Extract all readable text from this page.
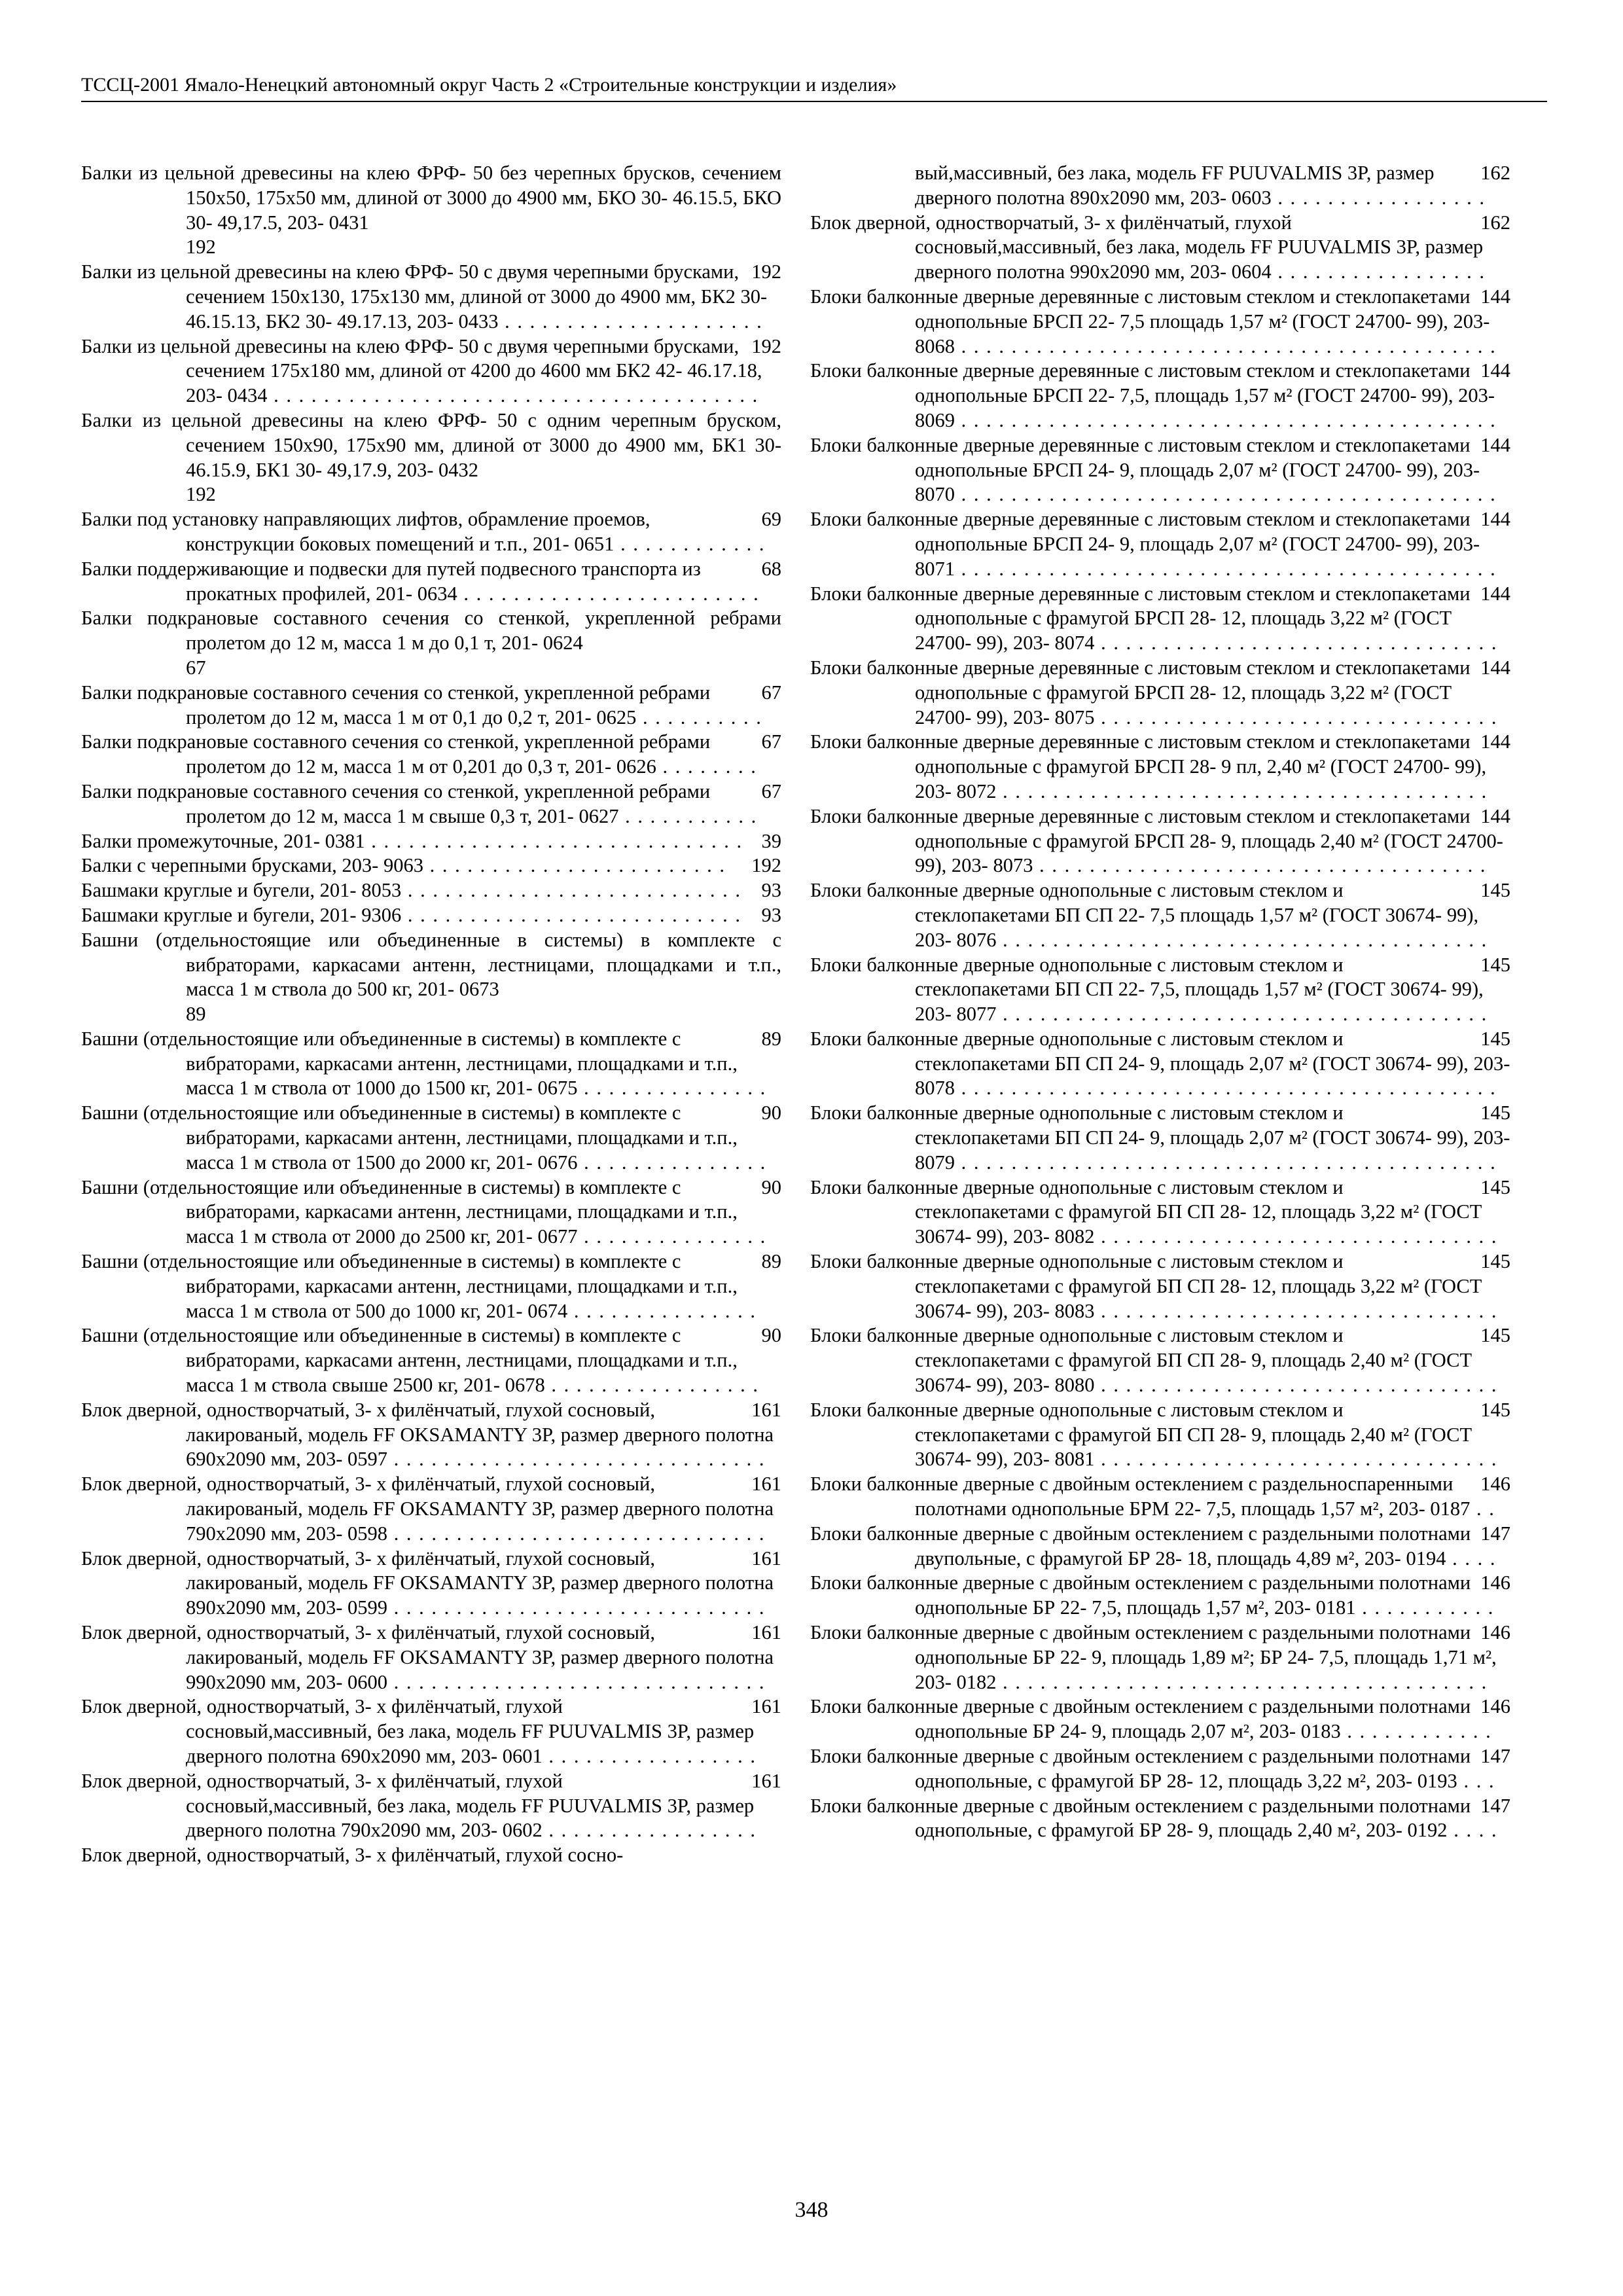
ТССЦ-2001 Ямало-Ненецкий автономный округ Часть 2 «Строительные конструкции и изделия»
Балки из цельной древесины на клею ФРФ- 50 без черепных брусков, сечением 150х50, 175х50 мм, длиной от 3000 до 4900 мм, БКО 30- 46.15.5, БКО 30- 49,17.5, 203- 0431
192
192
Балки из цельной древесины на клею ФРФ- 50 с двумя черепными брусками, сечением 150х130, 175х130 мм, длиной от 3000 до 4900 мм, БК2 30- 46.15.13, БК2 30- 49.17.13, 203- 0433 . . . . . . . . . . . . . . . . . . . . .
192
Балки из цельной древесины на клею ФРФ- 50 с двумя черепными брусками, сечением 175х180 мм, длиной от 4200 до 4600 мм БК2 42- 46.17.18, 203- 0434 . . . . . . . . . . . . . . . . . . . . . . . . . . . . . . . . . . . . . . .
Балки из цельной древесины на клею ФРФ- 50 с одним черепным бруском, сечением 150х90, 175х90 мм, длиной от 3000 до 4900 мм, БК1 30- 46.15.9, БК1 30- 49,17.9, 203- 0432
192
69
Балки под установку направляющих лифтов, обрамление проемов, конструкции боковых помещений и т.п., 201- 0651 . . . . . . . . . . . .
68
Балки поддерживающие и подвески для путей подвесного транспорта из прокатных профилей, 201- 0634 . . . . . . . . . . . . . . . . . . . . . . . .
Балки подкрановые составного сечения со стенкой, укрепленной ребрами пролетом до 12 м, масса 1 м до 0,1 т, 201- 0624
67
67
Балки подкрановые составного сечения со стенкой, укрепленной ребрами пролетом до 12 м, масса 1 м от 0,1 до 0,2 т, 201- 0625 . . . . . . . . . .
67
Балки подкрановые составного сечения со стенкой, укрепленной ребрами пролетом до 12 м, масса 1 м от 0,201 до 0,3 т, 201- 0626 . . . . . . . .
67
Балки подкрановые составного сечения со стенкой, укрепленной ребрами пролетом до 12 м, масса 1 м свыше 0,3 т, 201- 0627 . . . . . . . . . . .
39
Балки промежуточные, 201- 0381 . . . . . . . . . . . . . . . . . . . . . . . . . . . . . .
192
Балки с черепными брусками, 203- 9063 . . . . . . . . . . . . . . . . . . . . . . . .
93
Башмаки круглые и бугели, 201- 8053 . . . . . . . . . . . . . . . . . . . . . . . . . . .
93
Башмаки круглые и бугели, 201- 9306 . . . . . . . . . . . . . . . . . . . . . . . . . . .
Башни (отдельностоящие или объединенные в системы) в комплекте с вибраторами, каркасами антенн, лестницами, площадками и т.п., масса 1 м ствола до 500 кг, 201- 0673
89
89
Башни (отдельностоящие или объединенные в системы) в комплекте с вибраторами, каркасами антенн, лестницами, площадками и т.п., масса 1 м ствола от 1000 до 1500 кг, 201- 0675 . . . . . . . . . . . . . . .
90
Башни (отдельностоящие или объединенные в системы) в комплекте с вибраторами, каркасами антенн, лестницами, площадками и т.п., масса 1 м ствола от 1500 до 2000 кг, 201- 0676 . . . . . . . . . . . . . . .
90
Башни (отдельностоящие или объединенные в системы) в комплекте с вибраторами, каркасами антенн, лестницами, площадками и т.п., масса 1 м ствола от 2000 до 2500 кг, 201- 0677 . . . . . . . . . . . . . . .
89
Башни (отдельностоящие или объединенные в системы) в комплекте с вибраторами, каркасами антенн, лестницами, площадками и т.п., масса 1 м ствола от 500 до 1000 кг, 201- 0674 . . . . . . . . . . . . . . .
90
Башни (отдельностоящие или объединенные в системы) в комплекте с вибраторами, каркасами антенн, лестницами, площадками и т.п., масса 1 м ствола свыше 2500 кг, 201- 0678 . . . . . . . . . . . . . . . . .
161
Блок дверной, одностворчатый, 3- х филёнчатый, глухой сосновый, лакированый, модель FF OKSAMANTY 3P, размер дверного полотна 690х2090 мм, 203- 0597 . . . . . . . . . . . . . . . . . . . . . . . . . . . . . .
161
Блок дверной, одностворчатый, 3- х филёнчатый, глухой сосновый, лакированый, модель FF OKSAMANTY 3P, размер дверного полотна 790х2090 мм, 203- 0598 . . . . . . . . . . . . . . . . . . . . . . . . . . . . . .
161
Блок дверной, одностворчатый, 3- х филёнчатый, глухой сосновый, лакированый, модель FF OKSAMANTY 3P, размер дверного полотна 890х2090 мм, 203- 0599 . . . . . . . . . . . . . . . . . . . . . . . . . . . . . .
161
Блок дверной, одностворчатый, 3- х филёнчатый, глухой сосновый, лакированый, модель FF OKSAMANTY 3P, размер дверного полотна 990х2090 мм, 203- 0600 . . . . . . . . . . . . . . . . . . . . . . . . . . . . . .
161
Блок дверной, одностворчатый, 3- х филёнчатый, глухой сосновый,массивный, без лака, модель FF PUUVALMIS 3P, размер дверного полотна 690х2090 мм, 203- 0601 . . . . . . . . . . . . . . . . .
161
Блок дверной, одностворчатый, 3- х филёнчатый, глухой сосновый,массивный, без лака, модель FF PUUVALMIS 3P, размер дверного полотна 790х2090 мм, 203- 0602 . . . . . . . . . . . . . . . . .
Блок дверной, одностворчатый, 3- х филёнчатый, глухой сосно-
162
вый,массивный, без лака, модель FF PUUVALMIS 3P, размер дверного полотна 890х2090 мм, 203- 0603 . . . . . . . . . . . . . . . . .
162
Блок дверной, одностворчатый, 3- х филёнчатый, глухой сосновый,массивный, без лака, модель FF PUUVALMIS 3P, размер дверного полотна 990х2090 мм, 203- 0604 . . . . . . . . . . . . . . . . .
144
Блоки балконные дверные деревянные с листовым стеклом и стеклопакетами однопольные БРСП 22- 7,5 площадь 1,57 м² (ГОСТ 24700- 99), 203- 8068 . . . . . . . . . . . . . . . . . . . . . . . . . . . . . . . . . . . . . . . . . . .
144
Блоки балконные дверные деревянные с листовым стеклом и стеклопакетами однопольные БРСП 22- 7,5, площадь 1,57 м² (ГОСТ 24700- 99), 203- 8069 . . . . . . . . . . . . . . . . . . . . . . . . . . . . . . . . . . . . . . . . . . .
144
Блоки балконные дверные деревянные с листовым стеклом и стеклопакетами однопольные БРСП 24- 9, площадь 2,07 м² (ГОСТ 24700- 99), 203- 8070 . . . . . . . . . . . . . . . . . . . . . . . . . . . . . . . . . . . . . . . . . . .
144
Блоки балконные дверные деревянные с листовым стеклом и стеклопакетами однопольные БРСП 24- 9, площадь 2,07 м² (ГОСТ 24700- 99), 203- 8071 . . . . . . . . . . . . . . . . . . . . . . . . . . . . . . . . . . . . . . . . . . .
144
Блоки балконные дверные деревянные с листовым стеклом и стеклопакетами однопольные с фрамугой БРСП 28- 12, площадь 3,22 м² (ГОСТ 24700- 99), 203- 8074 . . . . . . . . . . . . . . . . . . . . . . . . . . . . . . . .
144
Блоки балконные дверные деревянные с листовым стеклом и стеклопакетами однопольные с фрамугой БРСП 28- 12, площадь 3,22 м² (ГОСТ 24700- 99), 203- 8075 . . . . . . . . . . . . . . . . . . . . . . . . . . . . . . . .
144
Блоки балконные дверные деревянные с листовым стеклом и стеклопакетами однопольные с фрамугой БРСП 28- 9 пл, 2,40 м² (ГОСТ 24700- 99), 203- 8072 . . . . . . . . . . . . . . . . . . . . . . . . . . . . . . . . . . . . . . .
144
Блоки балконные дверные деревянные с листовым стеклом и стеклопакетами однопольные с фрамугой БРСП 28- 9, площадь 2,40 м² (ГОСТ 24700- 99), 203- 8073 . . . . . . . . . . . . . . . . . . . . . . . . . . . . . . . . . . . .
145
Блоки балконные дверные однопольные с листовым стеклом и стеклопакетами БП СП 22- 7,5 площадь 1,57 м² (ГОСТ 30674- 99), 203- 8076 . . . . . . . . . . . . . . . . . . . . . . . . . . . . . . . . . . . . . . .
145
Блоки балконные дверные однопольные с листовым стеклом и стеклопакетами БП СП 22- 7,5, площадь 1,57 м² (ГОСТ 30674- 99), 203- 8077 . . . . . . . . . . . . . . . . . . . . . . . . . . . . . . . . . . . . . . .
145
Блоки балконные дверные однопольные с листовым стеклом и стеклопакетами БП СП 24- 9, площадь 2,07 м² (ГОСТ 30674- 99), 203- 8078 . . . . . . . . . . . . . . . . . . . . . . . . . . . . . . . . . . . . . . . . . . .
145
Блоки балконные дверные однопольные с листовым стеклом и стеклопакетами БП СП 24- 9, площадь 2,07 м² (ГОСТ 30674- 99), 203- 8079 . . . . . . . . . . . . . . . . . . . . . . . . . . . . . . . . . . . . . . . . . . .
145
Блоки балконные дверные однопольные с листовым стеклом и стеклопакетами с фрамугой БП СП 28- 12, площадь 3,22 м² (ГОСТ 30674- 99), 203- 8082 . . . . . . . . . . . . . . . . . . . . . . . . . . . . . . . .
145
Блоки балконные дверные однопольные с листовым стеклом и стеклопакетами с фрамугой БП СП 28- 12, площадь 3,22 м² (ГОСТ 30674- 99), 203- 8083 . . . . . . . . . . . . . . . . . . . . . . . . . . . . . . . .
145
Блоки балконные дверные однопольные с листовым стеклом и стеклопакетами с фрамугой БП СП 28- 9, площадь 2,40 м² (ГОСТ 30674- 99), 203- 8080 . . . . . . . . . . . . . . . . . . . . . . . . . . . . . . . .
145
Блоки балконные дверные однопольные с листовым стеклом и стеклопакетами с фрамугой БП СП 28- 9, площадь 2,40 м² (ГОСТ 30674- 99), 203- 8081 . . . . . . . . . . . . . . . . . . . . . . . . . . . . . . . .
146
Блоки балконные дверные с двойным остеклением с раздельноспаренными полотнами однопольные БРМ 22- 7,5, площадь 1,57 м², 203- 0187 . .
147
Блоки балконные дверные с двойным остеклением с раздельными полотнами двупольные, с фрамугой БР 28- 18, площадь 4,89 м², 203- 0194 . . . .
146
Блоки балконные дверные с двойным остеклением с раздельными полотнами однопольные БР 22- 7,5, площадь 1,57 м², 203- 0181 . . . . . . . . . . .
146
Блоки балконные дверные с двойным остеклением с раздельными полотнами однопольные БР 22- 9, площадь 1,89 м²; БР 24- 7,5, площадь 1,71 м², 203- 0182 . . . . . . . . . . . . . . . . . . . . . . . . . . . . . . . . . . . . . . .
146
Блоки балконные дверные с двойным остеклением с раздельными полотнами однопольные БР 24- 9, площадь 2,07 м², 203- 0183 . . . . . . . . . . . .
147
Блоки балконные дверные с двойным остеклением с раздельными полотнами однопольные, с фрамугой БР 28- 12, площадь 3,22 м², 203- 0193 . . .
147
Блоки балконные дверные с двойным остеклением с раздельными полотнами однопольные, с фрамугой БР 28- 9, площадь 2,40 м², 203- 0192 . . . .
348
